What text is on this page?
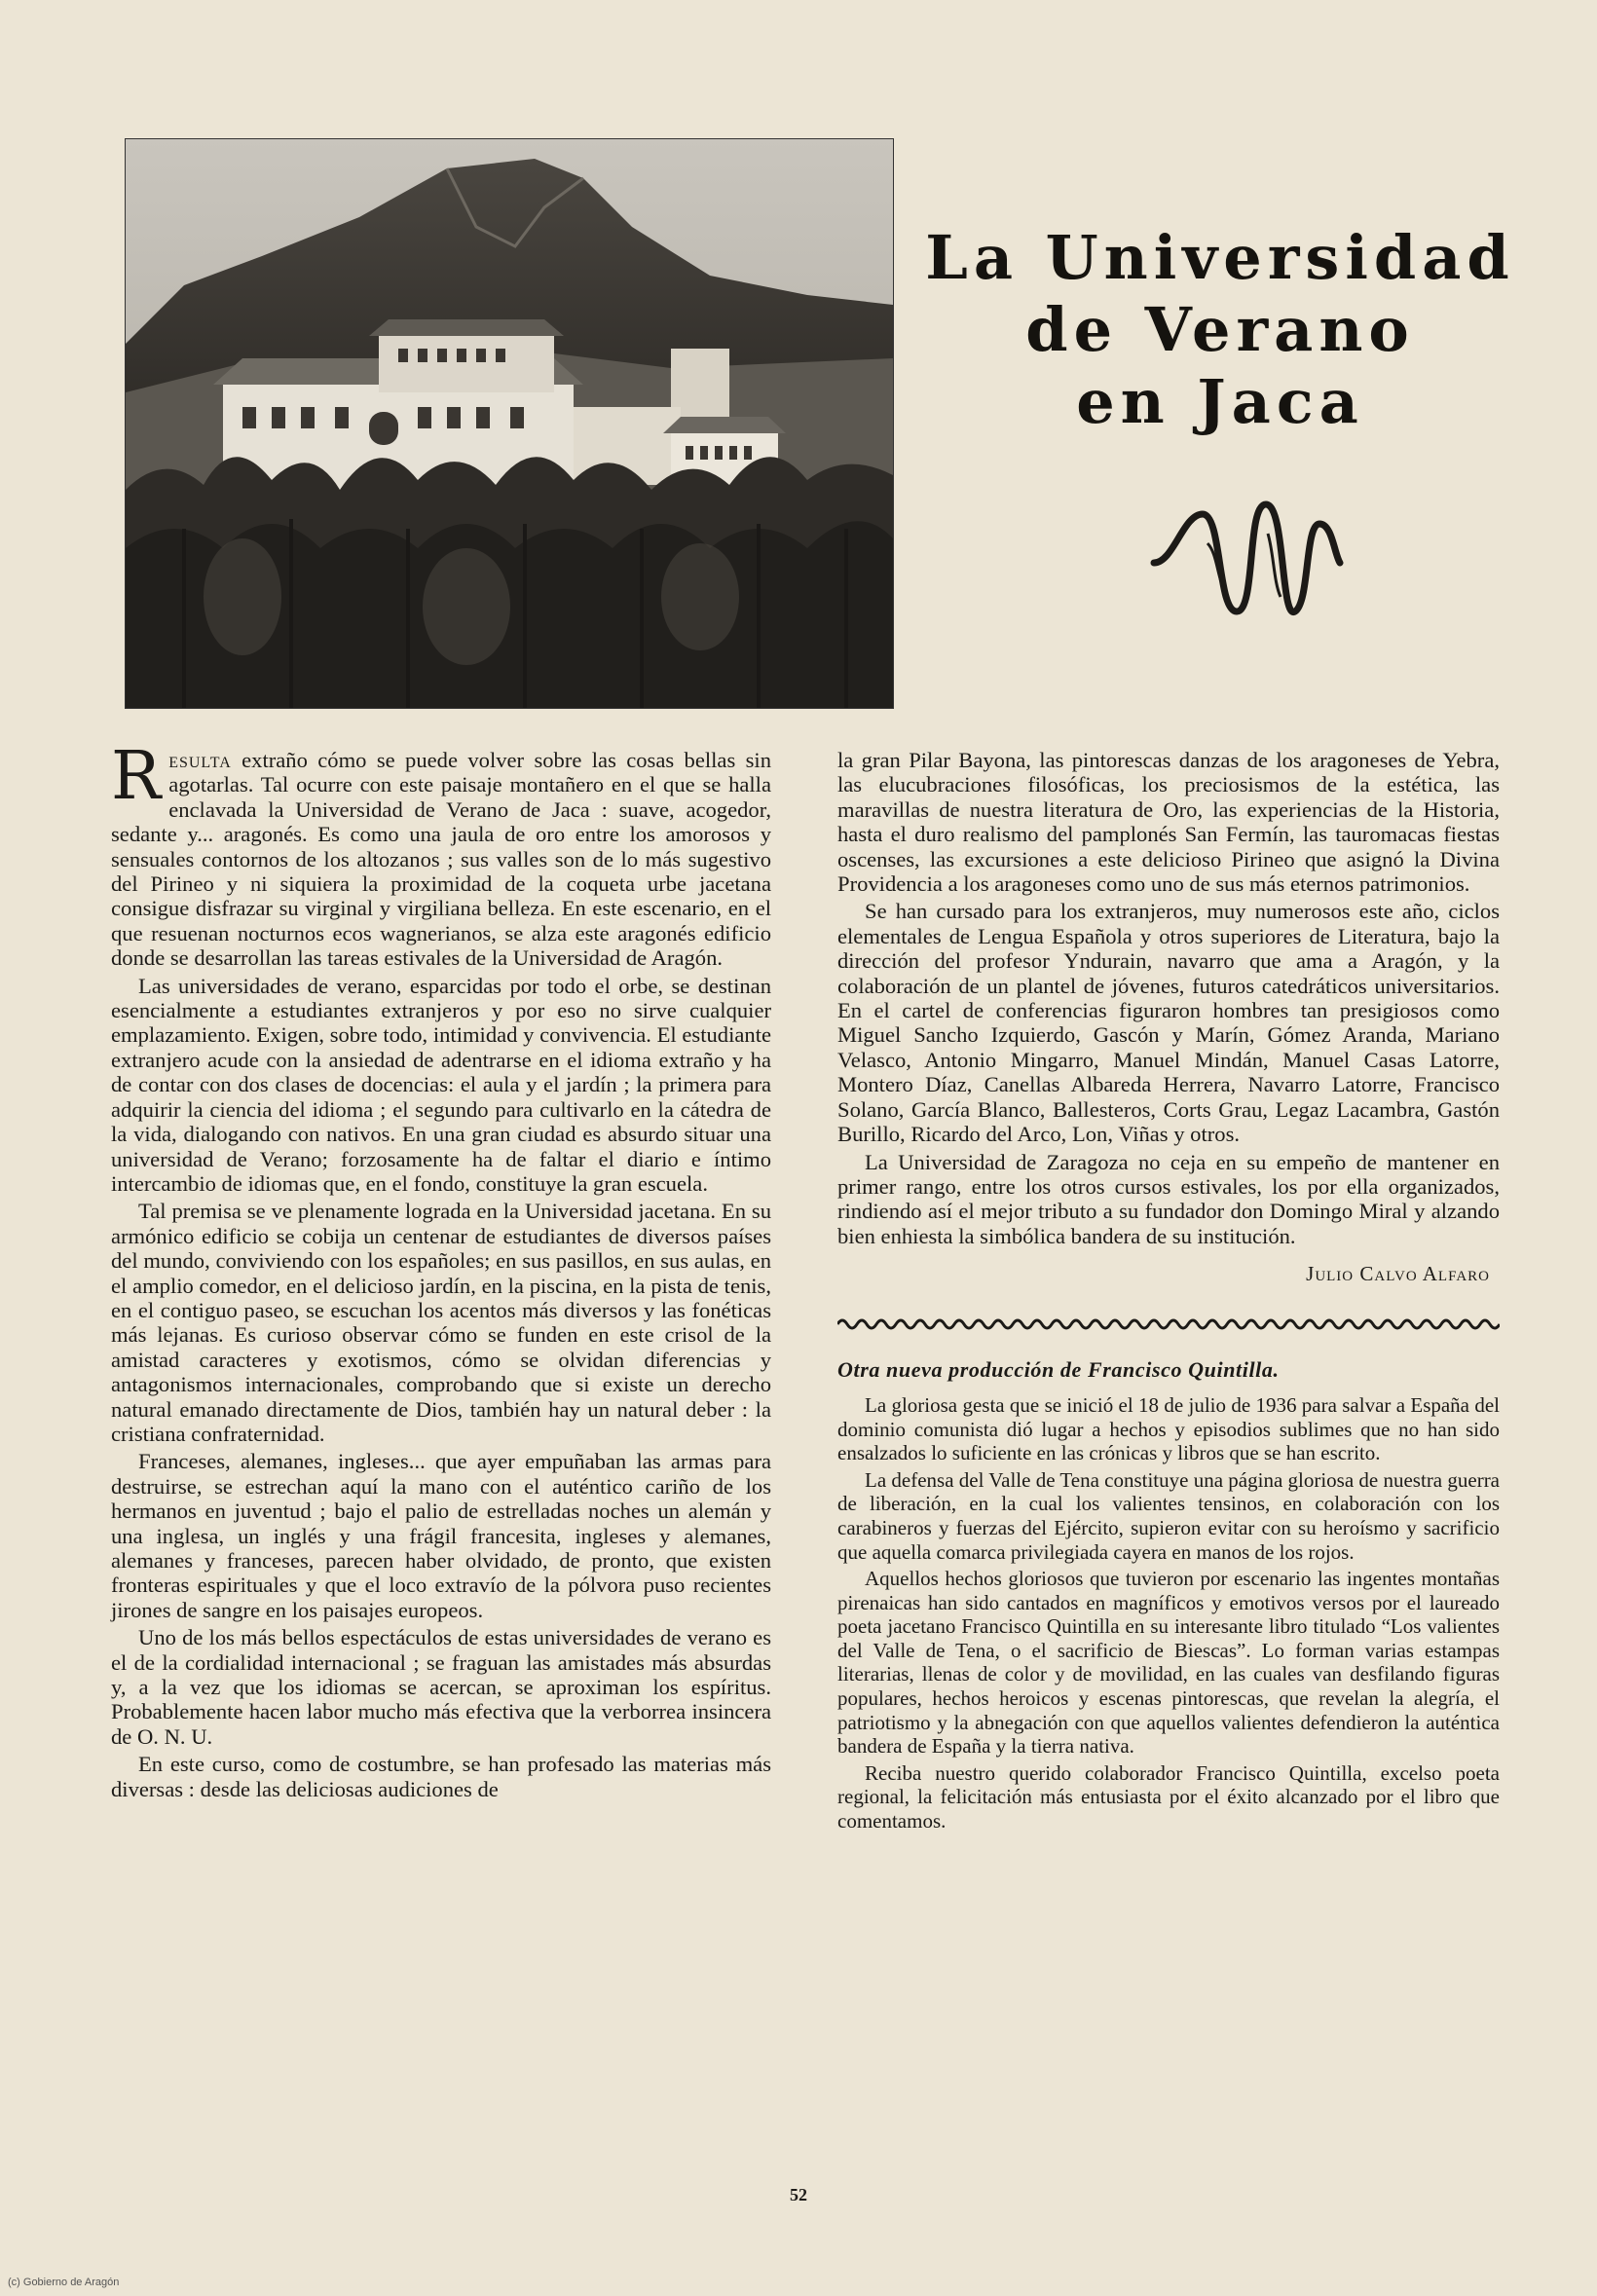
La Universidad
de Verano
en Jaca

Resulta extraño cómo se puede volver sobre las cosas bellas sin agotarlas. Tal ocurre con este paisaje montañero en el que se halla enclavada la Universidad de Verano de Jaca : suave, acogedor, sedante y... aragonés. Es como una jaula de oro entre los amorosos y sensuales contornos de los altozanos ; sus valles son de lo más sugestivo del Pirineo y ni siquiera la proximidad de la coqueta urbe jacetana consigue disfrazar su virginal y virgiliana belleza. En este escenario, en el que resuenan nocturnos ecos wagnerianos, se alza este aragonés edificio donde se desarrollan las tareas estivales de la Universidad de Aragón.

Las universidades de verano, esparcidas por todo el orbe, se destinan esencialmente a estudiantes extranjeros y por eso no sirve cualquier emplazamiento. Exigen, sobre todo, intimidad y convivencia. El estudiante extranjero acude con la ansiedad de adentrarse en el idioma extraño y ha de contar con dos clases de docencias: el aula y el jardín ; la primera para adquirir la ciencia del idioma ; el segundo para cultivarlo en la cátedra de la vida, dialogando con nativos. En una gran ciudad es absurdo situar una universidad de Verano; forzosamente ha de faltar el diario e íntimo intercambio de idiomas que, en el fondo, constituye la gran escuela.

Tal premisa se ve plenamente lograda en la Universidad jacetana. En su armónico edificio se cobija un centenar de estudiantes de diversos países del mundo, conviviendo con los españoles; en sus pasillos, en sus aulas, en el amplio comedor, en el delicioso jardín, en la piscina, en la pista de tenis, en el contiguo paseo, se escuchan los acentos más diversos y las fonéticas más lejanas. Es curioso observar cómo se funden en este crisol de la amistad caracteres y exotismos, cómo se olvidan diferencias y antagonismos internacionales, comprobando que si existe un derecho natural emanado directamente de Dios, también hay un natural deber : la cristiana confraternidad.

Franceses, alemanes, ingleses... que ayer empuñaban las armas para destruirse, se estrechan aquí la mano con el auténtico cariño de los hermanos en juventud ; bajo el palio de estrelladas noches un alemán y una inglesa, un inglés y una frágil francesita, ingleses y alemanes, alemanes y franceses, parecen haber olvidado, de pronto, que existen fronteras espirituales y que el loco extravío de la pólvora puso recientes jirones de sangre en los paisajes europeos.

Uno de los más bellos espectáculos de estas universidades de verano es el de la cordialidad internacional ; se fraguan las amistades más absurdas y, a la vez que los idiomas se acercan, se aproximan los espíritus. Probablemente hacen labor mucho más efectiva que la verborrea insincera de O. N. U.

En este curso, como de costumbre, se han profesado las materias más diversas : desde las deliciosas audiciones de

la gran Pilar Bayona, las pintorescas danzas de los aragoneses de Yebra, las elucubraciones filosóficas, los preciosismos de la estética, las maravillas de nuestra literatura de Oro, las experiencias de la Historia, hasta el duro realismo del pamplonés San Fermín, las tauromacas fiestas oscenses, las excursiones a este delicioso Pirineo que asignó la Divina Providencia a los aragoneses como uno de sus más eternos patrimonios.

Se han cursado para los extranjeros, muy numerosos este año, ciclos elementales de Lengua Española y otros superiores de Literatura, bajo la dirección del profesor Yndurain, navarro que ama a Aragón, y la colaboración de un plantel de jóvenes, futuros catedráticos universitarios. En el cartel de conferencias figuraron hombres tan presigiosos como Miguel Sancho Izquierdo, Gascón y Marín, Gómez Aranda, Mariano Velasco, Antonio Mingarro, Manuel Mindán, Manuel Casas Latorre, Montero Díaz, Canellas Albareda Herrera, Navarro Latorre, Francisco Solano, García Blanco, Ballesteros, Corts Grau, Legaz Lacambra, Gastón Burillo, Ricardo del Arco, Lon, Viñas y otros.

La Universidad de Zaragoza no ceja en su empeño de mantener en primer rango, entre los otros cursos estivales, los por ella organizados, rindiendo así el mejor tributo a su fundador don Domingo Miral y alzando bien enhiesta la simbólica bandera de su institución.

Julio Calvo Alfaro
Otra nueva producción de Francisco Quintilla.

La gloriosa gesta que se inició el 18 de julio de 1936 para salvar a España del dominio comunista dió lugar a hechos y episodios sublimes que no han sido ensalzados lo suficiente en las crónicas y libros que se han escrito.

La defensa del Valle de Tena constituye una página gloriosa de nuestra guerra de liberación, en la cual los valientes tensinos, en colaboración con los carabineros y fuerzas del Ejército, supieron evitar con su heroísmo y sacrificio que aquella comarca privilegiada cayera en manos de los rojos.

Aquellos hechos gloriosos que tuvieron por escenario las ingentes montañas pirenaicas han sido cantados en magníficos y emotivos versos por el laureado poeta jacetano Francisco Quintilla en su interesante libro titulado “Los valientes del Valle de Tena, o el sacrificio de Biescas”. Lo forman varias estampas literarias, llenas de color y de movilidad, en las cuales van desfilando figuras populares, hechos heroicos y escenas pintorescas, que revelan la alegría, el patriotismo y la abnegación con que aquellos valientes defendieron la auténtica bandera de España y la tierra nativa.

Reciba nuestro querido colaborador Francisco Quintilla, excelso poeta regional, la felicitación más entusiasta por el éxito alcanzado por el libro que comentamos.

52
(c) Gobierno de Aragón
